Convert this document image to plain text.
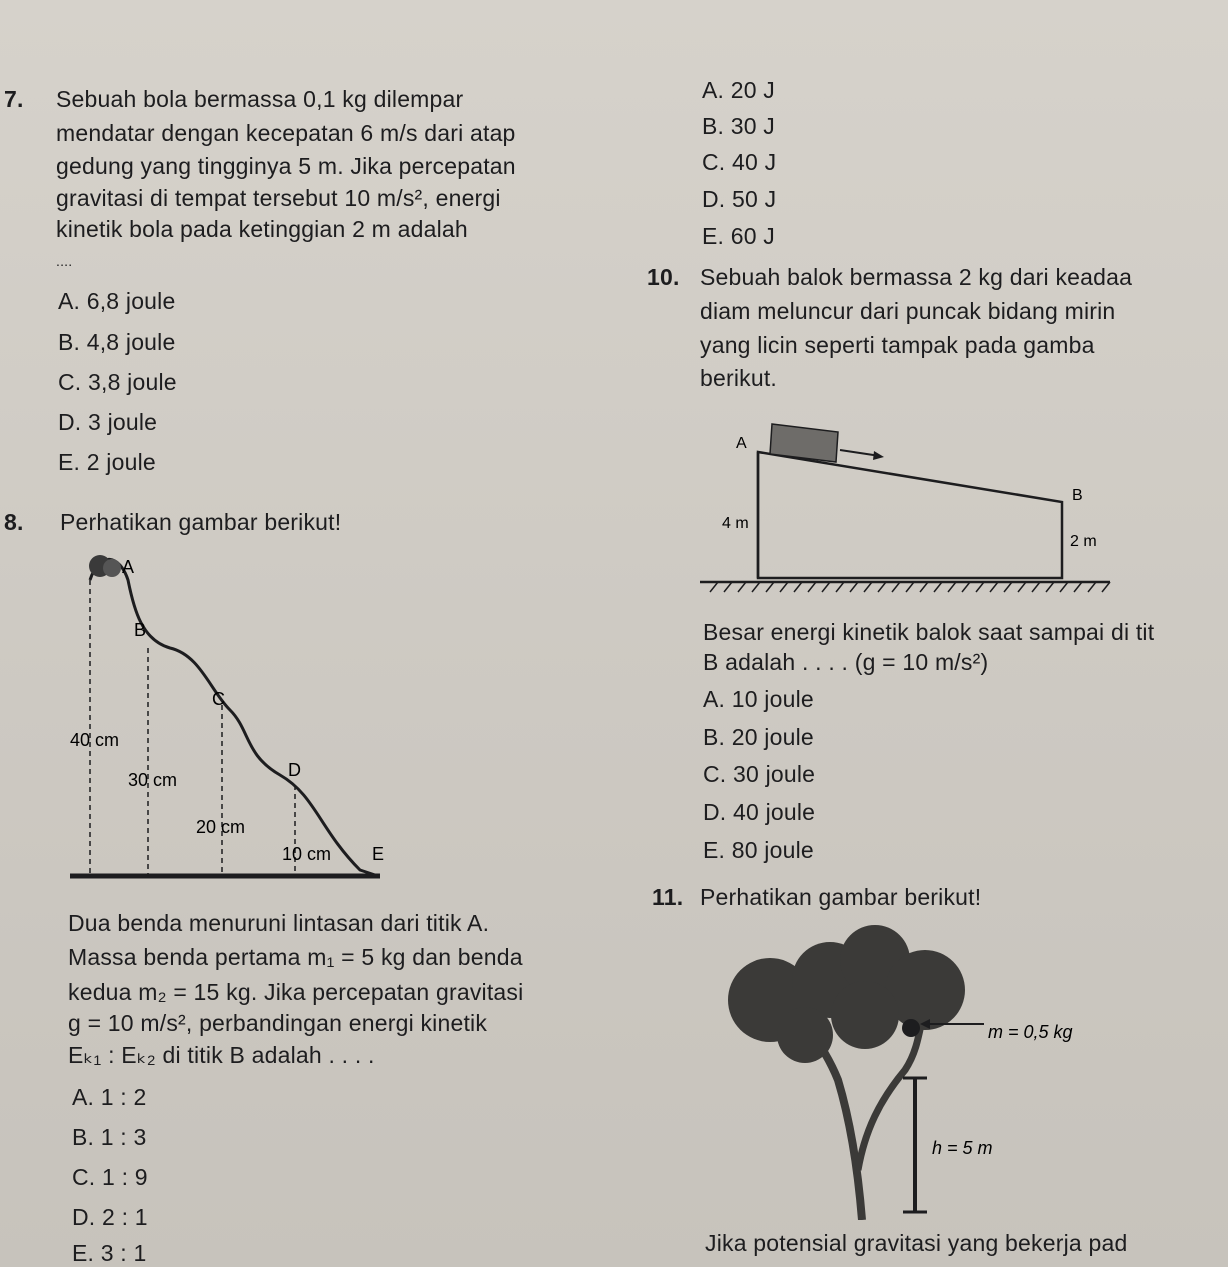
7. Sebuah bola bermassa 0,1 kg dilempar
mendatar dengan kecepatan 6 m/s dari atap
gedung yang tingginya 5 m. Jika percepatan
gravitasi di tempat tersebut 10 m/s², energi
kinetik bola pada ketinggian 2 m adalah
....
A. 6,8 joule
B. 4,8 joule
C. 3,8 joule
D. 3 joule
E. 2 joule
A. 20 J
B. 30 J
C. 40 J
D. 50 J
E. 60 J
8. Perhatikan gambar berikut!
A
B
C
D
E
40 cm
30 cm
20 cm
10 cm
Dua benda menuruni lintasan dari titik A.
Massa benda pertama m₁ = 5 kg dan benda
kedua m₂ = 15 kg. Jika percepatan gravitasi
g = 10 m/s², perbandingan energi kinetik
Eₖ₁ : Eₖ₂ di titik B adalah . . . .
A. 1 : 2
B. 1 : 3
C. 1 : 9
D. 2 : 1
E. 3 : 1
10. Sebuah balok bermassa 2 kg dari keadaa
diam meluncur dari puncak bidang mirin
yang licin seperti tampak pada gamba
berikut.
A
B
4 m
2 m
Besar energi kinetik balok saat sampai di tit
B adalah . . . . (g = 10 m/s²)
A. 10 joule
B. 20 joule
C. 30 joule
D. 40 joule
E. 80 joule
11. Perhatikan gambar berikut!
m = 0,5 kg
h = 5 m
Jika potensial gravitasi yang bekerja pad
